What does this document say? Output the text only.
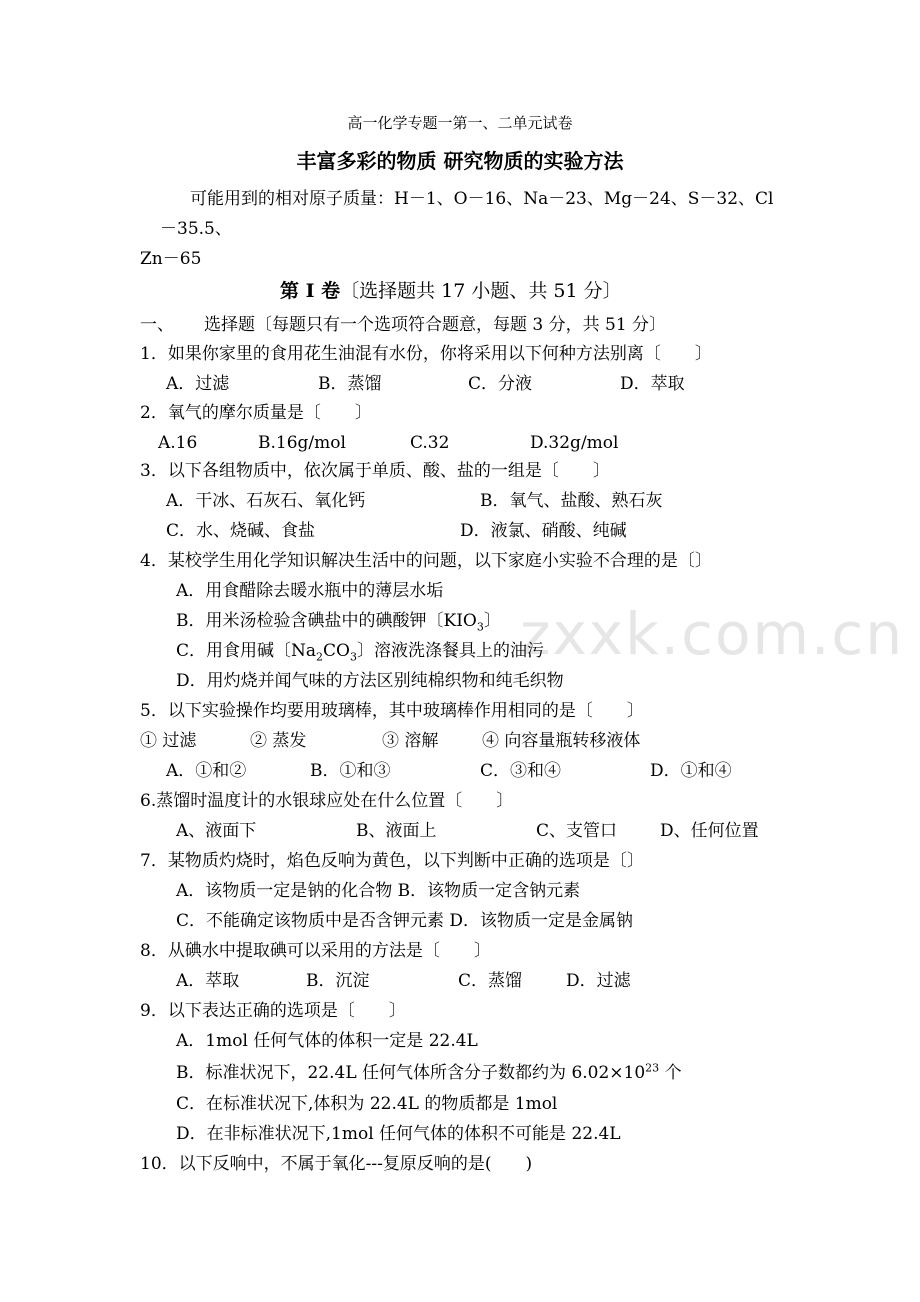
zxxk.com.cn
高一化学专题一第一、二单元试卷
丰富多彩的物质 研究物质的实验方法
可能用到的相对原子质量：H－1、O－16、Na－23、Mg－24、S－32、Cl
－35.5、
Zn－65
第 I 卷〔选择题共 17 小题、共 51 分〕
一、 选择题〔每题只有一个选项符合题意，每题 3 分，共 51 分〕
1．如果你家里的食用花生油混有水份，你将采用以下何种方法别离〔　　〕
A．过滤	B．蒸馏	C．分液	D．萃取
2．氧气的摩尔质量是〔　　〕
A.16	B.16g/mol	C.32	D.32g/mol
3．以下各组物质中，依次属于单质、酸、盐的一组是〔　　〕
A．干冰、石灰石、氧化钙	B．氧气、盐酸、熟石灰
C．水、烧碱、食盐	D．液氯、硝酸、纯碱
4．某校学生用化学知识解决生活中的问题，以下家庭小实验不合理的是〔〕
A．用食醋除去暖水瓶中的薄层水垢
B．用米汤检验含碘盐中的碘酸钾〔$KIO_3$〕
C．用食用碱〔$Na_2CO_3$〕溶液洗涤餐具上的油污
D．用灼烧并闻气味的方法区别纯棉织物和纯毛织物
5．以下实验操作均要用玻璃棒，其中玻璃棒作用相同的是〔　　〕
① 过滤	② 蒸发	③ 溶解	④ 向容量瓶转移液体
A．①和②	B．①和③	C．③和④	D．①和④
6.蒸馏时温度计的水银球应处在什么位置〔　　〕
A、液面下	B、液面上	C、支管口	D、任何位置
7．某物质灼烧时，焰色反响为黄色，以下判断中正确的选项是〔〕
A．该物质一定是钠的化合物 B．该物质一定含钠元素
C．不能确定该物质中是否含钾元素 D．该物质一定是金属钠
8．从碘水中提取碘可以采用的方法是〔　　〕
A．萃取	B．沉淀	C．蒸馏	D．过滤
9．以下表达正确的选项是〔　　〕
A．1mol 任何气体的体积一定是 22.4L
B．标准状况下，22.4L 任何气体所含分子数都约为 $6.02\times 10^{23}$ 个
C．在标准状况下,体积为 22.4L 的物质都是 1mol
D．在非标准状况下,1mol 任何气体的体积不可能是 22.4L
10．以下反响中，不属于氧化---复原反响的是(　　)
